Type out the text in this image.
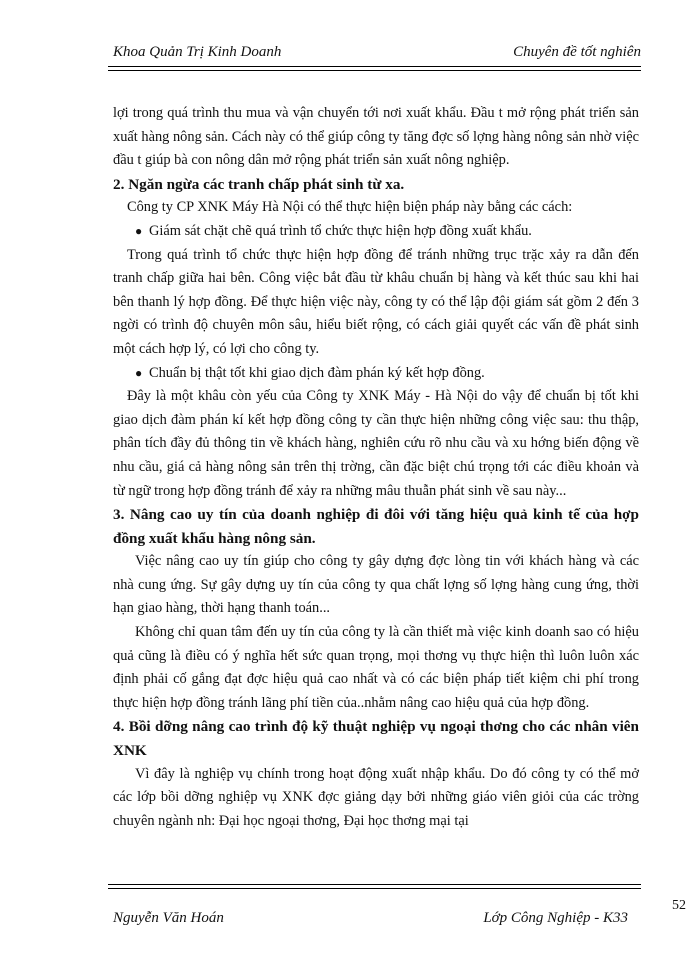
Khoa Quản Trị Kinh Doanh	Chuyên đề tốt nghiên

lợi trong quá trình thu mua và vận chuyển tới nơi xuất khẩu. Đầu t mở rộng phát triển sản xuất hàng nông sản. Cách này có thể giúp công ty tăng đợc số lợng hàng nông sản nhờ việc đầu t giúp bà con nông dân mở rộng phát triển sản xuất nông nghiệp.

2. Ngăn ngừa các tranh chấp phát sinh từ xa.

Công ty CP XNK Máy Hà Nội có thể thực hiện biện pháp này bằng các cách:

● Giám sát chặt chẽ quá trình tổ chức thực hiện hợp đồng xuất khẩu.

Trong quá trình tổ chức thực hiện hợp đồng để tránh những trục trặc xảy ra dẫn đến tranh chấp giữa hai bên. Công việc bắt đầu từ khâu chuẩn bị hàng và kết thúc sau khi hai bên thanh lý hợp đồng. Để thực hiện việc này, công ty có thể lập đội giám sát gồm 2 đến 3 ngời có trình độ chuyên môn sâu, hiểu biết rộng, có cách giải quyết các vấn đề phát sinh một cách hợp lý, có lợi cho công ty.

● Chuẩn bị thật tốt khi giao dịch đàm phán ký kết hợp đồng.

Đây là một khâu còn yếu của Công ty XNK Máy - Hà Nội do vậy để chuẩn bị tốt khi giao dịch đàm phán kí kết hợp đồng công ty cần thực hiện những công việc sau: thu thập, phân tích đầy đủ thông tin về khách hàng, nghiên cứu rõ nhu cầu và xu hớng biến động về nhu cầu, giá cả hàng nông sản trên thị trờng, cần đặc biệt chú trọng tới các điều khoản và từ ngữ trong hợp đồng tránh để xảy ra những mâu thuẫn phát sinh về sau này...

3. Nâng cao uy tín của doanh nghiệp đi đôi với tăng hiệu quả kinh tế của hợp đồng xuất khẩu hàng nông sản.

Việc nâng cao uy tín giúp cho công ty gây dựng đợc lòng tin với khách hàng và các nhà cung ứng. Sự gây dựng uy tín của công ty qua chất lợng số lợng hàng cung ứng, thời hạn giao hàng, thời hạng thanh toán...

Không chỉ quan tâm đến uy tín của công ty là cần thiết mà việc kinh doanh sao có hiệu quả cũng là điều có ý nghĩa hết sức quan trọng, mọi thơng vụ thực hiện thì luôn luôn xác định phải cố gắng đạt đợc hiệu quả cao nhất và có các biện pháp tiết kiệm chi phí trong thực hiện hợp đồng tránh lãng phí tiền của..nhằm nâng cao hiệu quả của hợp đồng.

4. Bồi dỡng nâng cao trình độ kỹ thuật nghiệp vụ ngoại thơng cho các nhân viên XNK

Vì đây là nghiệp vụ chính trong hoạt động xuất nhập khẩu. Do đó công ty có thể mở các lớp bồi dỡng nghiệp vụ XNK đợc giảng dạy bởi những giáo viên giỏi của các trờng chuyên ngành nh: Đại học ngoại thơng, Đại học thơng mại tại

Nguyễn Văn Hoán	Lớp Công Nghiệp - K33
52
